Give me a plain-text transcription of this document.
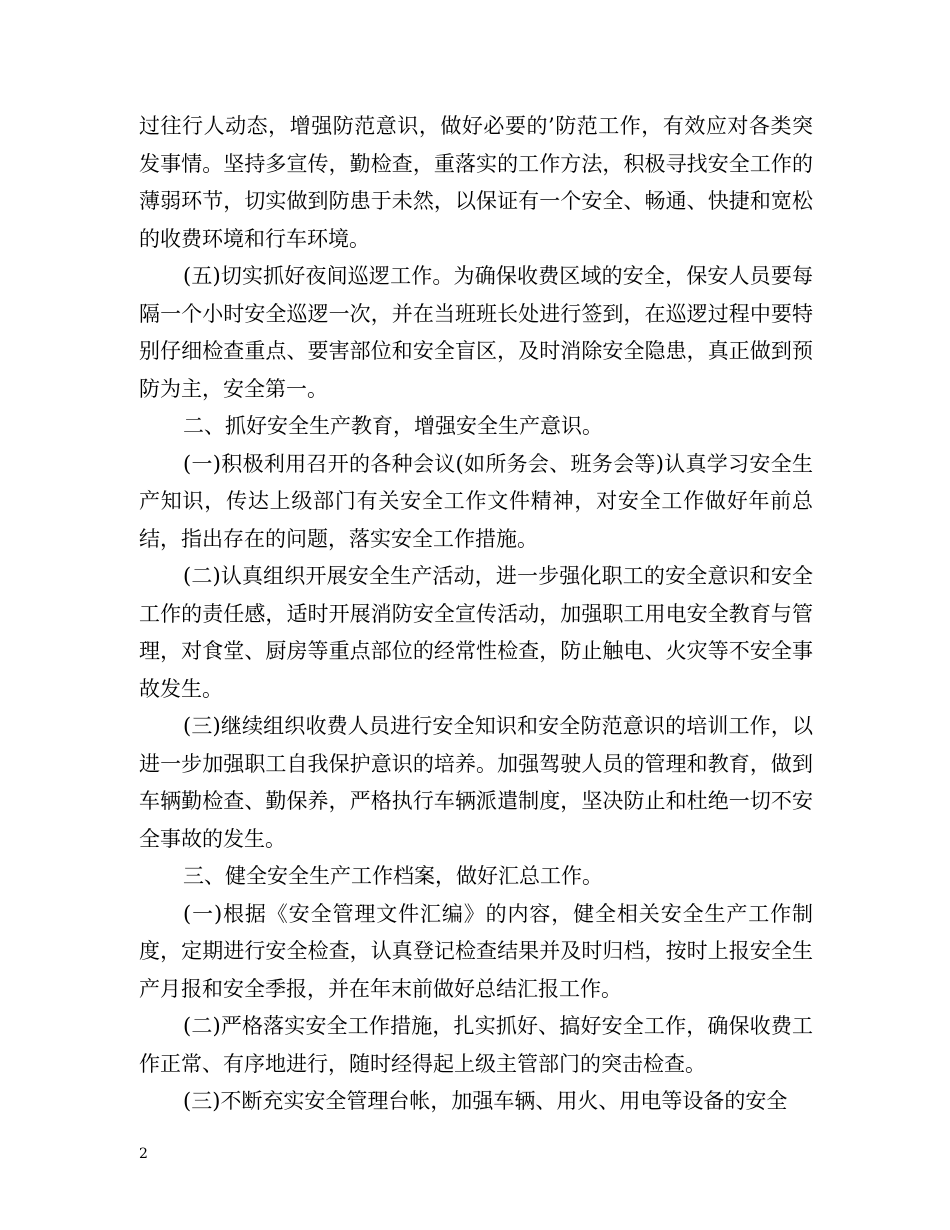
过往行人动态，增强防范意识，做好必要的’防范工作，有效应对各类突发事情。坚持多宣传，勤检查，重落实的工作方法，积极寻找安全工作的薄弱环节，切实做到防患于未然，以保证有一个安全、畅通、快捷和宽松的收费环境和行车环境。

(五)切实抓好夜间巡逻工作。为确保收费区域的安全，保安人员要每隔一个小时安全巡逻一次，并在当班班长处进行签到，在巡逻过程中要特别仔细检查重点、要害部位和安全盲区，及时消除安全隐患，真正做到预防为主，安全第一。

二、抓好安全生产教育，增强安全生产意识。

(一)积极利用召开的各种会议(如所务会、班务会等)认真学习安全生产知识，传达上级部门有关安全工作文件精神，对安全工作做好年前总结，指出存在的问题，落实安全工作措施。

(二)认真组织开展安全生产活动，进一步强化职工的安全意识和安全工作的责任感，适时开展消防安全宣传活动，加强职工用电安全教育与管理，对食堂、厨房等重点部位的经常性检查，防止触电、火灾等不安全事故发生。

(三)继续组织收费人员进行安全知识和安全防范意识的培训工作，以进一步加强职工自我保护意识的培养。加强驾驶人员的管理和教育，做到车辆勤检查、勤保养，严格执行车辆派遣制度，坚决防止和杜绝一切不安全事故的发生。

三、健全安全生产工作档案，做好汇总工作。

(一)根据《安全管理文件汇编》的内容，健全相关安全生产工作制度，定期进行安全检查，认真登记检查结果并及时归档，按时上报安全生产月报和安全季报，并在年末前做好总结汇报工作。

(二)严格落实安全工作措施，扎实抓好、搞好安全工作，确保收费工作正常、有序地进行，随时经得起上级主管部门的突击检查。

(三)不断充实安全管理台帐，加强车辆、用火、用电等设备的安全

2
